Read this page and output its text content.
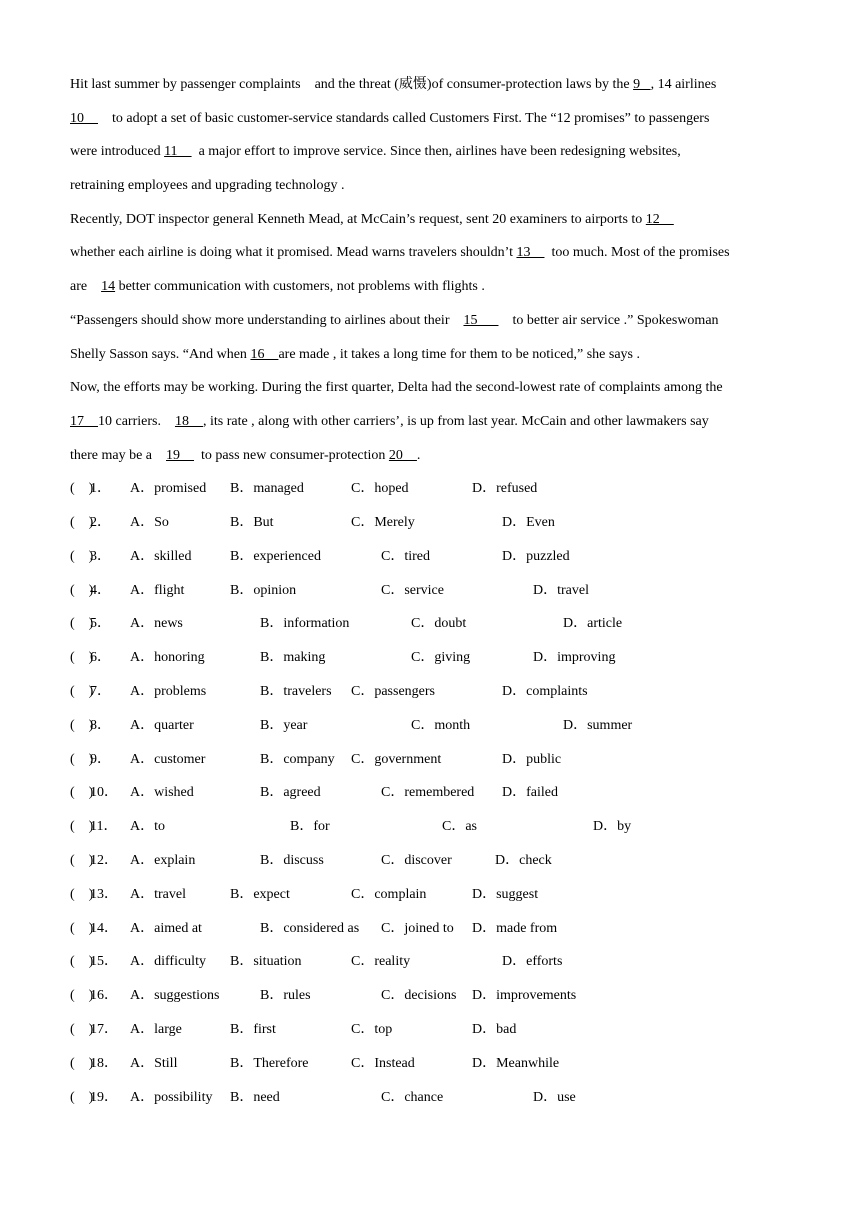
Hit last summer by passenger complaints    and the threat (威慑)of consumer-protection laws by the 9   , 14 airlines
10        to adopt a set of basic customer-service standards called Customers First. The “12 promises” to passengers
were introduced 11      a major effort to improve service. Since then, airlines have been redesigning websites,
retraining employees and upgrading technology .
Recently, DOT inspector general Kenneth Mead, at McCain’s request, sent 20 examiners to airports to 12
whether each airline is doing what it promised. Mead warns travelers shouldn’t 13      too much. Most of the promises
are    14 better communication with customers, not problems with flights .
“Passengers should show more understanding to airlines about their    15          to better air service .” Spokeswoman
Shelly Sasson says. “And when 16    are made , it takes a long time for them to be noticed,” she says .
Now, the efforts may be working. During the first quarter, Delta had the second-lowest rate of complaints among the
17    10 carriers.    18    , its rate , along with other carriers’, is up from last year. McCain and other lawmakers say
there may be a    19      to pass new consumer-protection 20    .
(    )
1． A．promised B．managed	C．hoped	D．refused
(    )
2． A．So	B．But	C．Merely	D．Even
(    )
3． A．skilled	B．experienced	C．tired	D．puzzled
(    )
4． A．flight	B．opinion	C．service	D．travel
(    )
5． A．news	B．information	C．doubt	D．article
(    )
6． A．honoring	B．making	C．giving	D．improving
(    )
7． A．problems	B．travelers C．passengers	D．complaints
(    )
8． A．quarter	B．year	C．month	D．summer
(    )
9． A．customer	B．company C．government	D．public
(    )
10． A．wished	B．agreed	C．remembered D．failed
(    )
11． A．to	B．for	C．as	D．by
(    )
12． A．explain	B．discuss	C．discover	D．check
(    )
13． A．travel	B．expect	C．complain	D．suggest
(    )
14． A．aimed at	B．considered as C．joined to D．made from
(    )
15． A．difficulty B．situation	C．reality	D．efforts
(    )
16． A．suggestions	B．rules	C．decisions D．improvements
(    )
17． A．large	B．first	C．top	D．bad
(    )
18． A．Still	B．Therefore	C．Instead	D．Meanwhile
(    )
19． A．possibility B．need	C．chance	D．use
